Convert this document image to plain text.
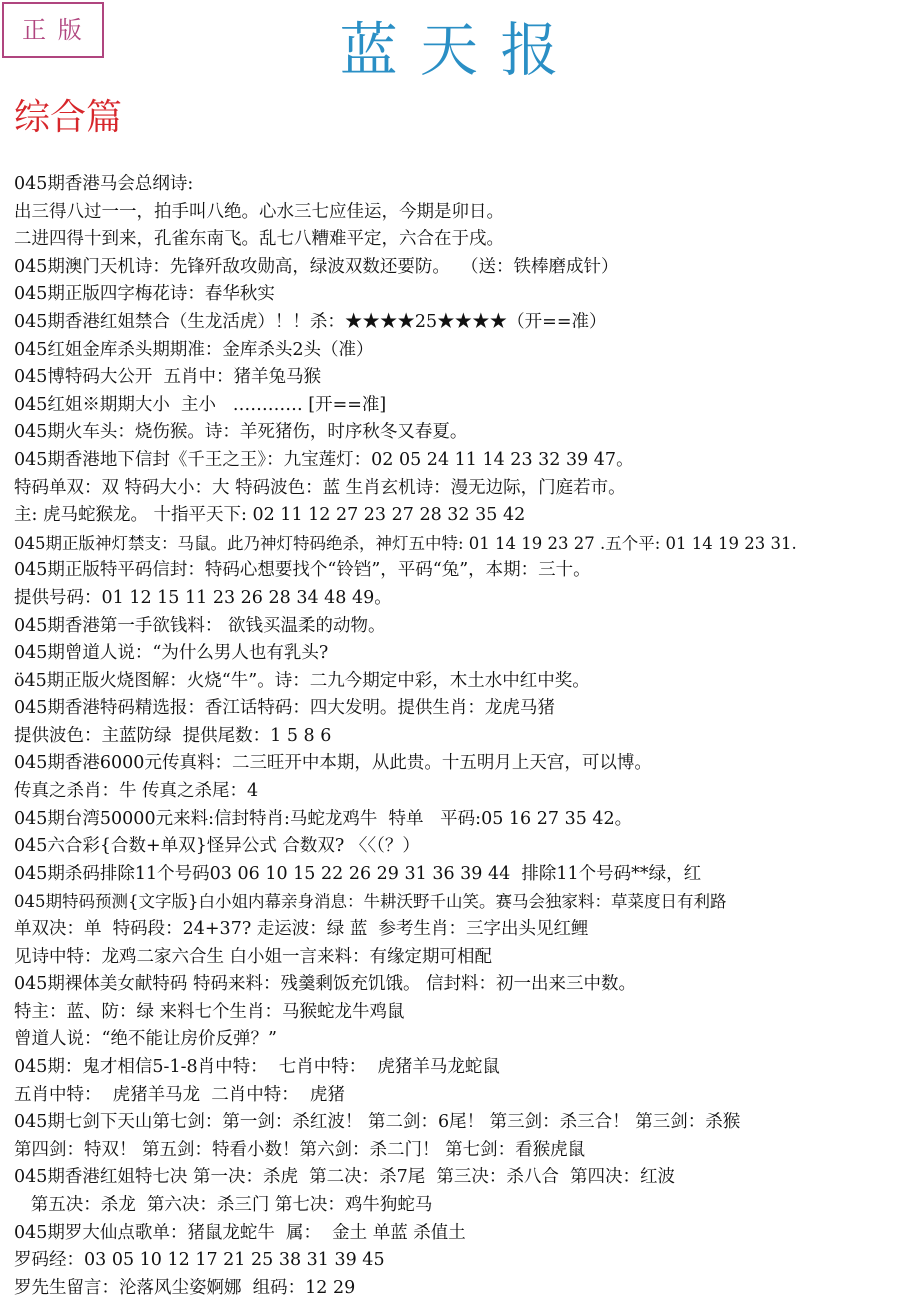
正 版	蓝 天 报
综合篇
045期香港马会总纲诗:
出三得八过一一，拍手叫八绝。心水三七应佳运，今期是卯日。
二进四得十到来，孔雀东南飞。乱七八糟难平定，六合在于戌。
045期澳门天机诗：先锋歼敌攻勋高，绿波双数还要防。  （送：铁棒磨成针）
045期正版四字梅花诗：春华秋实
045期香港红姐禁合（生龙活虎）！！杀：★★★★25★★★★（开==准）
045红姐金库杀头期期准：金库杀头2头（准）
045博特码大公开  五肖中：猪羊兔马猴
045红姐※期期大小  主小   ………… [开==准]
045期火车头：烧伤猴。诗：羊死猪伤，时序秋冬又春夏。
045期香港地下信封《千王之王》：九宝莲灯：02 05 24 11 14 23 32 39 47。
特码单双：双 特码大小：大 特码波色：蓝 生肖玄机诗：漫无边际，门庭若市。
主: 虎马蛇猴龙。 十指平天下: 02 11 12 27 23 27 28 32 35 42
045期正版神灯禁支：马鼠。此乃神灯特码绝杀，神灯五中特: 01 14 19 23 27 .五个平: 01 14 19 23 31.
045期正版特平码信封：特码心想要找个“铃铛”，平码“兔”，本期：三十。
提供号码：01 12 15 11 23 26 28 34 48 49。
045期香港第一手欲钱料： 欲钱买温柔的动物。
045期曾道人说：“为什么男人也有乳头?
ö45期正版火烧图解：火烧“牛”。诗：二九今期定中彩，木土水中红中奖。
045期香港特码精选报：香江话特码：四大发明。提供生肖：龙虎马猪
提供波色：主蓝防绿  提供尾数：1 5 8 6
045期香港6000元传真料：二三旺开中本期，从此贵。十五明月上天宫，可以博。
传真之杀肖：牛 传真之杀尾：4
045期台湾50000元来料:信封特肖:马蛇龙鸡牛  特单   平码:05 16 27 35 42。
045六合彩{合数+单双}怪异公式 合数双? 〈〈（？）
045期杀码排除11个号码03 06 10 15 22 26 29 31 36 39 44  排除11个号码**绿，红
045期特码预测{文字版}白小姐内幕亲身消息：牛耕沃野千山笑。赛马会独家料：草菜度日有利路
单双决：单  特码段：24+37? 走运波：绿 蓝  参考生肖：三字出头见红鲤
见诗中特：龙鸡二家六合生 白小姐一言来料：有缘定期可相配
045期裸体美女献特码 特码来料：残羹剩饭充饥饿。 信封料：初一出来三中数。
特主：蓝、防：绿 来料七个生肖：马猴蛇龙牛鸡鼠
曾道人说：“绝不能让房价反弹？”
045期：鬼才相信5-1-8肖中特：  七肖中特：  虎猪羊马龙蛇鼠
五肖中特：  虎猪羊马龙  二肖中特：  虎猪
045期七剑下天山第七剑：第一剑：杀红波！ 第二剑：6尾！ 第三剑：杀三合！ 第三剑：杀猴
第四剑：特双！ 第五剑：特看小数！第六剑：杀二门！ 第七剑：看猴虎鼠
045期香港红姐特七决 第一决：杀虎  第二决：杀7尾  第三决：杀八合  第四决：红波
第五决：杀龙  第六决：杀三门 第七决：鸡牛狗蛇马
045期罗大仙点歌单：猪鼠龙蛇牛  属：  金土 单蓝 杀值土
罗码经：03 05 10 12 17 21 25 38 31 39 45
罗先生留言：沦落风尘姿婀娜  组码：12 29
